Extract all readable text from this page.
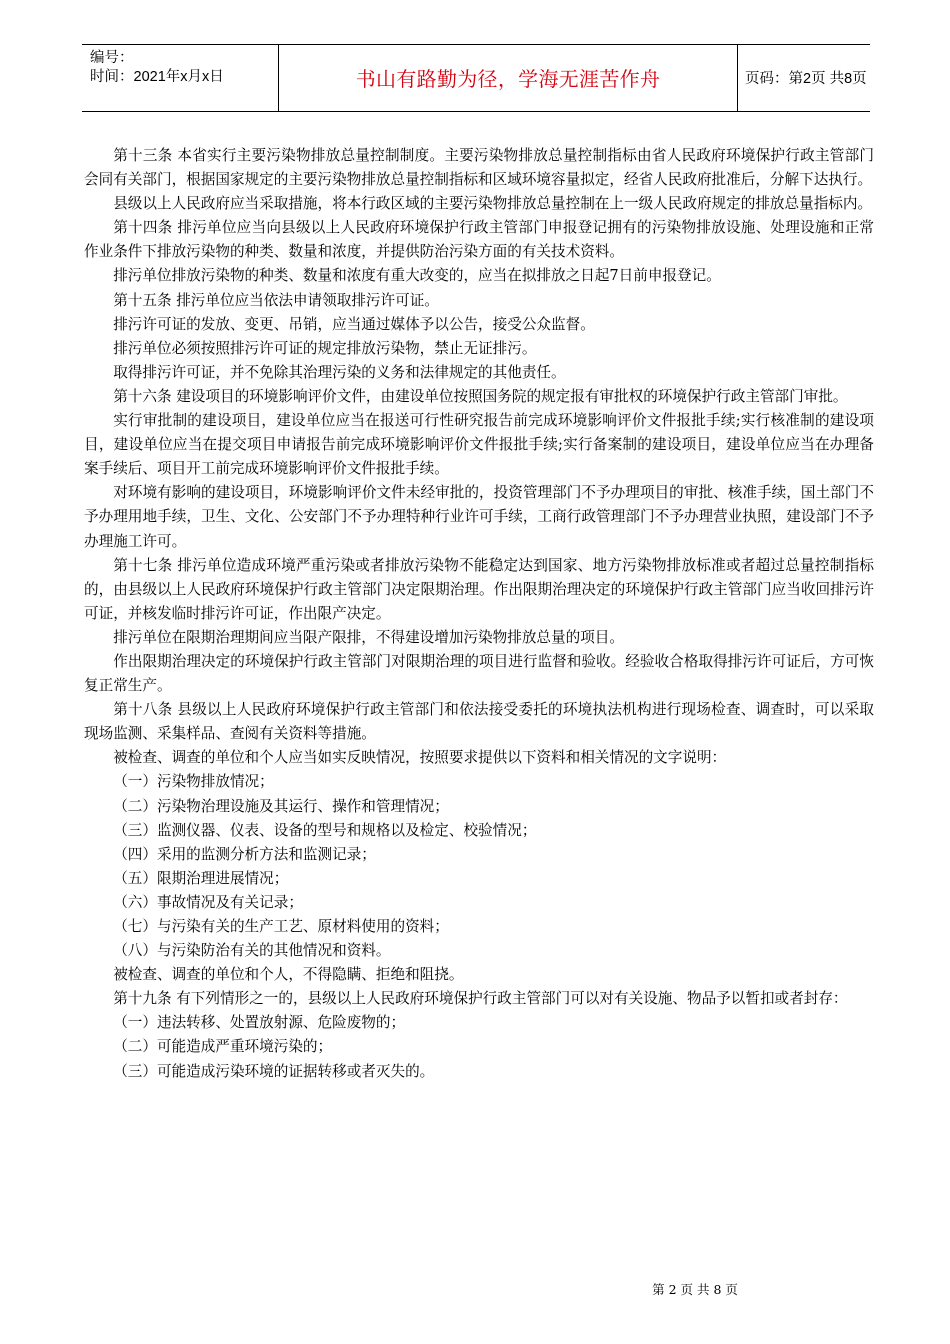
编号：
时间：2021年x月x日	书山有路勤为径，学海无涯苦作舟	页码：第2页 共8页

第十三条 本省实行主要污染物排放总量控制制度。主要污染物排放总量控制指标由省人民政府环境保护行政主管部门会同有关部门，根据国家规定的主要污染物排放总量控制指标和区域环境容量拟定，经省人民政府批准后，分解下达执行。

县级以上人民政府应当采取措施，将本行政区域的主要污染物排放总量控制在上一级人民政府规定的排放总量指标内。

第十四条 排污单位应当向县级以上人民政府环境保护行政主管部门申报登记拥有的污染物排放设施、处理设施和正常作业条件下排放污染物的种类、数量和浓度，并提供防治污染方面的有关技术资料。

排污单位排放污染物的种类、数量和浓度有重大改变的，应当在拟排放之日起7日前申报登记。

第十五条 排污单位应当依法申请领取排污许可证。

排污许可证的发放、变更、吊销，应当通过媒体予以公告，接受公众监督。

排污单位必须按照排污许可证的规定排放污染物，禁止无证排污。

取得排污许可证，并不免除其治理污染的义务和法律规定的其他责任。

第十六条 建设项目的环境影响评价文件，由建设单位按照国务院的规定报有审批权的环境保护行政主管部门审批。

实行审批制的建设项目，建设单位应当在报送可行性研究报告前完成环境影响评价文件报批手续;实行核准制的建设项目，建设单位应当在提交项目申请报告前完成环境影响评价文件报批手续;实行备案制的建设项目，建设单位应当在办理备案手续后、项目开工前完成环境影响评价文件报批手续。

对环境有影响的建设项目，环境影响评价文件未经审批的，投资管理部门不予办理项目的审批、核准手续，国土部门不予办理用地手续，卫生、文化、公安部门不予办理特种行业许可手续，工商行政管理部门不予办理营业执照，建设部门不予办理施工许可。

第十七条 排污单位造成环境严重污染或者排放污染物不能稳定达到国家、地方污染物排放标准或者超过总量控制指标的，由县级以上人民政府环境保护行政主管部门决定限期治理。作出限期治理决定的环境保护行政主管部门应当收回排污许可证，并核发临时排污许可证，作出限产决定。

排污单位在限期治理期间应当限产限排，不得建设增加污染物排放总量的项目。

作出限期治理决定的环境保护行政主管部门对限期治理的项目进行监督和验收。经验收合格取得排污许可证后，方可恢复正常生产。

第十八条 县级以上人民政府环境保护行政主管部门和依法接受委托的环境执法机构进行现场检查、调查时，可以采取现场监测、采集样品、查阅有关资料等措施。

被检查、调查的单位和个人应当如实反映情况，按照要求提供以下资料和相关情况的文字说明：

（一）污染物排放情况；

（二）污染物治理设施及其运行、操作和管理情况；

（三）监测仪器、仪表、设备的型号和规格以及检定、校验情况；

（四）采用的监测分析方法和监测记录；

（五）限期治理进展情况；

（六）事故情况及有关记录；

（七）与污染有关的生产工艺、原材料使用的资料；

（八）与污染防治有关的其他情况和资料。

被检查、调查的单位和个人，不得隐瞒、拒绝和阻挠。

第十九条 有下列情形之一的，县级以上人民政府环境保护行政主管部门可以对有关设施、物品予以暂扣或者封存：

（一）违法转移、处置放射源、危险废物的；

（二）可能造成严重环境污染的；

（三）可能造成污染环境的证据转移或者灭失的。

第 2 页 共 8 页
